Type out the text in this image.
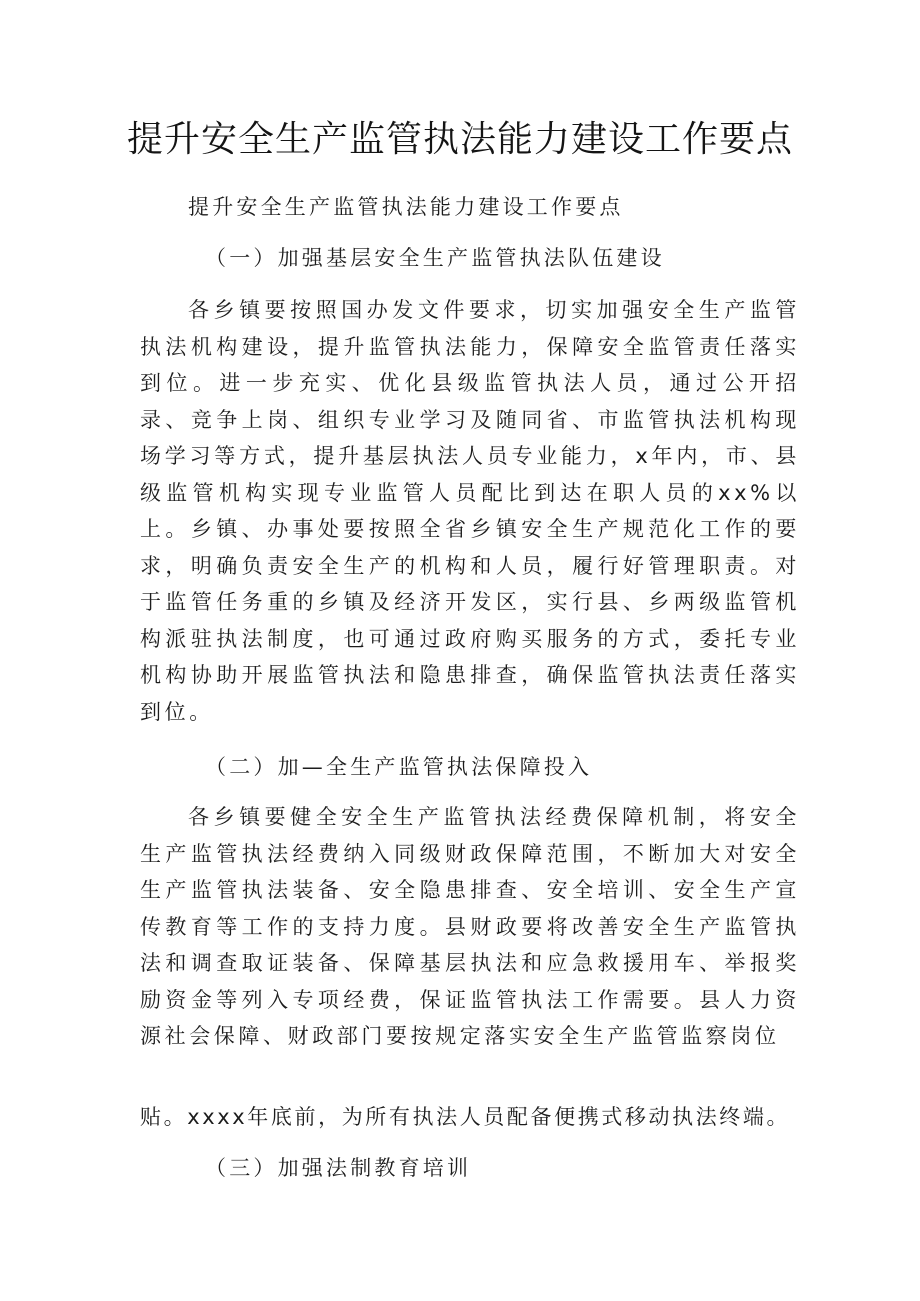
提升安全生产监管执法能力建设工作要点

提升安全生产监管执法能力建设工作要点

（一）加强基层安全生产监管执法队伍建设

各乡镇要按照国办发文件要求，切实加强安全生产监管执法机构建设，提升监管执法能力，保障安全监管责任落实到位。进一步充实、优化县级监管执法人员，通过公开招录、竞争上岗、组织专业学习及随同省、市监管执法机构现场学习等方式，提升基层执法人员专业能力，x年内，市、县级监管机构实现专业监管人员配比到达在职人员的xx%以上。乡镇、办事处要按照全省乡镇安全生产规范化工作的要求，明确负责安全生产的机构和人员，履行好管理职责。对于监管任务重的乡镇及经济开发区，实行县、乡两级监管机构派驻执法制度，也可通过政府购买服务的方式，委托专业机构协助开展监管执法和隐患排查，确保监管执法责任落实到位。

（二）加—全生产监管执法保障投入

各乡镇要健全安全生产监管执法经费保障机制，将安全生产监管执法经费纳入同级财政保障范围，不断加大对安全生产监管执法装备、安全隐患排查、安全培训、安全生产宣传教育等工作的支持力度。县财政要将改善安全生产监管执法和调查取证装备、保障基层执法和应急救援用车、举报奖励资金等列入专项经费，保证监管执法工作需要。县人力资源社会保障、财政部门要按规定落实安全生产监管监察岗位

贴。xxxx年底前，为所有执法人员配备便携式移动执法终端。

（三）加强法制教育培训
